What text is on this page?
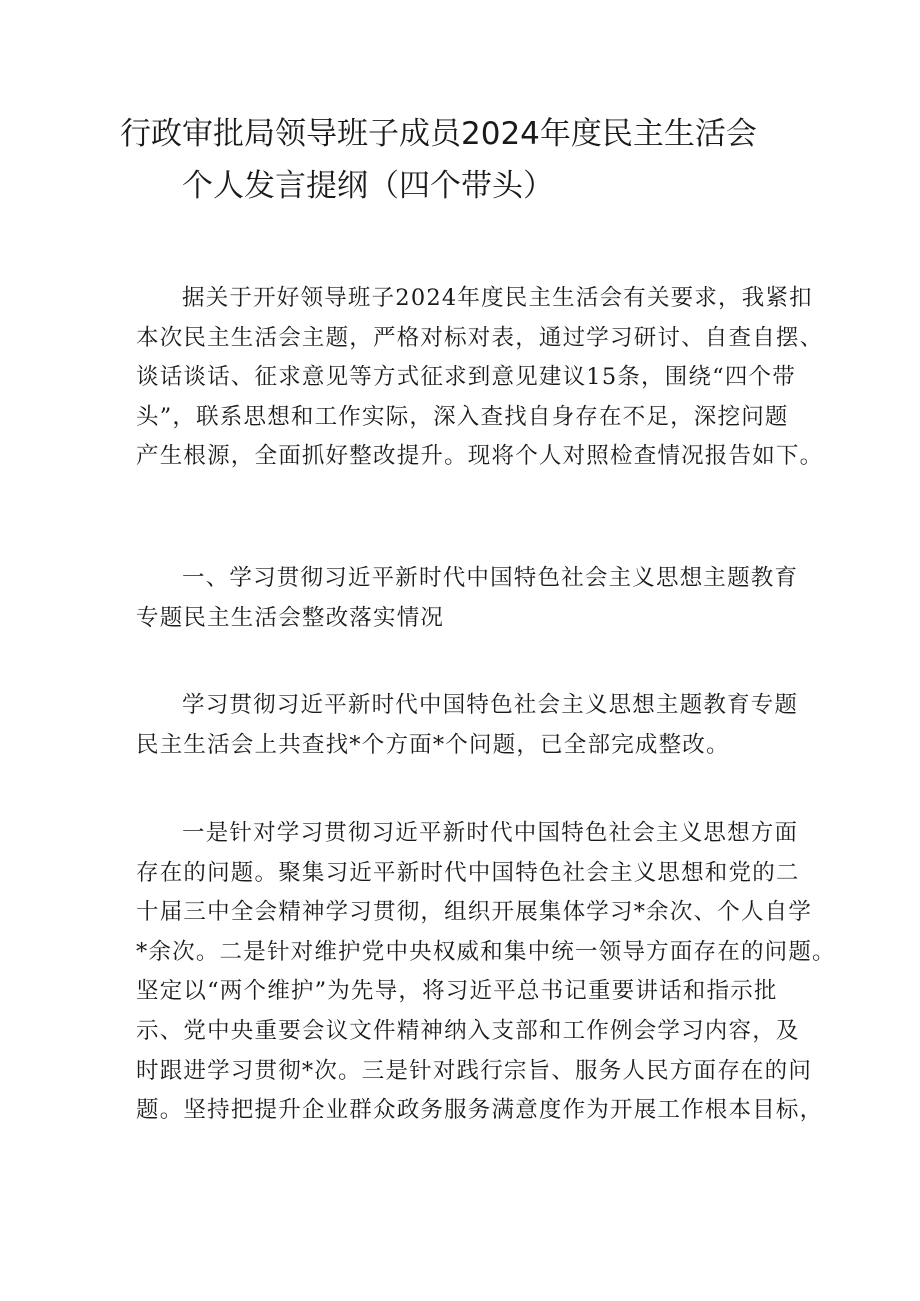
行政审批局领导班子成员2024年度民主生活会
个人发言提纲（四个带头）
据关于开好领导班子2024年度民主生活会有关要求，我紧扣
本次民主生活会主题，严格对标对表，通过学习研讨、自查自摆、
谈话谈话、征求意见等方式征求到意见建议15条，围绕“四个带
头”，联系思想和工作实际，深入查找自身存在不足，深挖问题
产生根源，全面抓好整改提升。现将个人对照检查情况报告如下。
一、学习贯彻习近平新时代中国特色社会主义思想主题教育
专题民主生活会整改落实情况
学习贯彻习近平新时代中国特色社会主义思想主题教育专题
民主生活会上共查找*个方面*个问题，已全部完成整改。
一是针对学习贯彻习近平新时代中国特色社会主义思想方面
存在的问题。聚集习近平新时代中国特色社会主义思想和党的二
十届三中全会精神学习贯彻，组织开展集体学习*余次、个人自学
*余次。二是针对维护党中央权威和集中统一领导方面存在的问题。
坚定以“两个维护”为先导，将习近平总书记重要讲话和指示批
示、党中央重要会议文件精神纳入支部和工作例会学习内容，及
时跟进学习贯彻*次。三是针对践行宗旨、服务人民方面存在的问
题。坚持把提升企业群众政务服务满意度作为开展工作根本目标，
